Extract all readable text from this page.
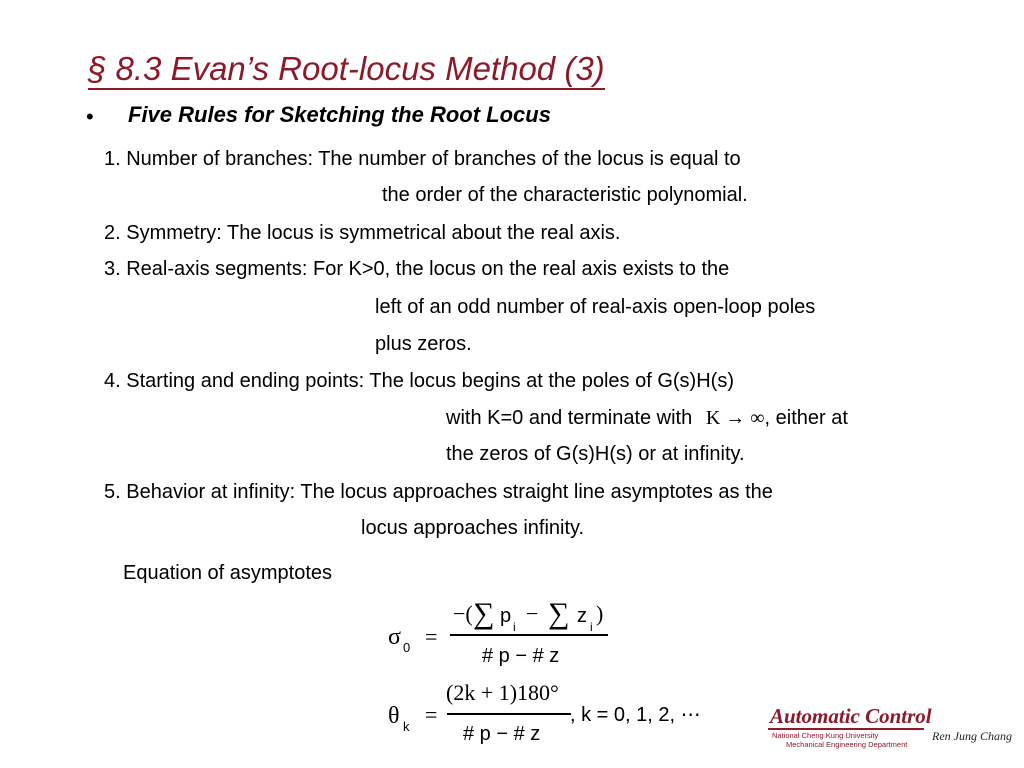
§ 8.3 Evan’s Root-locus Method (3)
• Five Rules for Sketching the Root Locus
1. Number of branches: The number of branches of the locus is equal to
the order of the characteristic polynomial.
2. Symmetry: The locus is symmetrical about the real axis.
3. Real-axis segments: For K>0, the locus on the real axis exists to the
left of an odd number of real-axis open-loop poles
plus zeros.
4. Starting and ending points: The locus begins at the poles of G(s)H(s)
with K=0 and terminate with K → ∞, either at
the zeros of G(s)H(s) or at infinity.
5. Behavior at infinity: The locus approaches straight line asymptotes as the
locus approaches infinity.
Equation of asymptotes
σ 0 =
−( ∑ p i
− ∑ z i
)
# p − # z
θ k =
(2k + 1)180°
# p − # z
, k = 0, 1, 2, ⋯	Automatic Control
National Cheng Kung University
Mechanical Engineering Department
Ren Jung Chang
